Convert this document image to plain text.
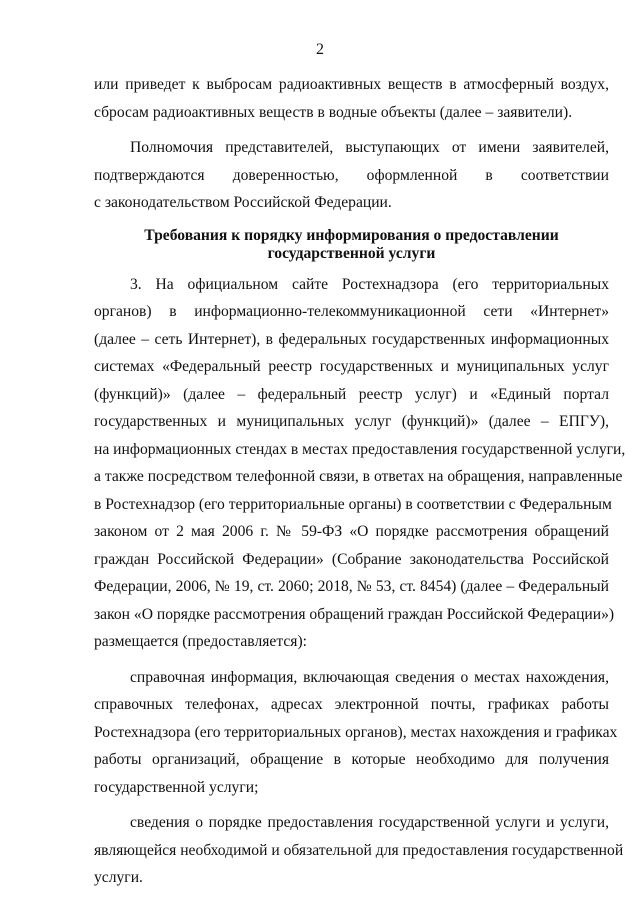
2
или приведет к выбросам радиоактивных веществ в атмосферный воздух,
сбросам радиоактивных веществ в водные объекты (далее – заявители).
Полномочия представителей, выступающих от имени заявителей,
подтверждаются доверенностью, оформленной в соответствии
с законодательством Российской Федерации.
Требования к порядку информирования о предоставлении
государственной услуги
3. На официальном сайте Ростехнадзора (его территориальных
органов) в информационно-телекоммуникационной сети «Интернет»
(далее – сеть Интернет), в федеральных государственных информационных
системах «Федеральный реестр государственных и муниципальных услуг
(функций)» (далее – федеральный реестр услуг) и «Единый портал
государственных и муниципальных услуг (функций)» (далее – ЕПГУ),
на информационных стендах в местах предоставления государственной услуги,
а также посредством телефонной связи, в ответах на обращения, направленные
в Ростехнадзор (его территориальные органы) в соответствии с Федеральным
законом от 2 мая 2006 г. № 59-ФЗ «О порядке рассмотрения обращений
граждан Российской Федерации» (Собрание законодательства Российской
Федерации, 2006, № 19, ст. 2060; 2018, № 53, ст. 8454) (далее – Федеральный
закон «О порядке рассмотрения обращений граждан Российской Федерации»)
размещается (предоставляется):
справочная информация, включающая сведения о местах нахождения,
справочных телефонах, адресах электронной почты, графиках работы
Ростехнадзора (его территориальных органов), местах нахождения и графиках
работы организаций, обращение в которые необходимо для получения
государственной услуги;
сведения о порядке предоставления государственной услуги и услуги,
являющейся необходимой и обязательной для предоставления государственной
услуги.
